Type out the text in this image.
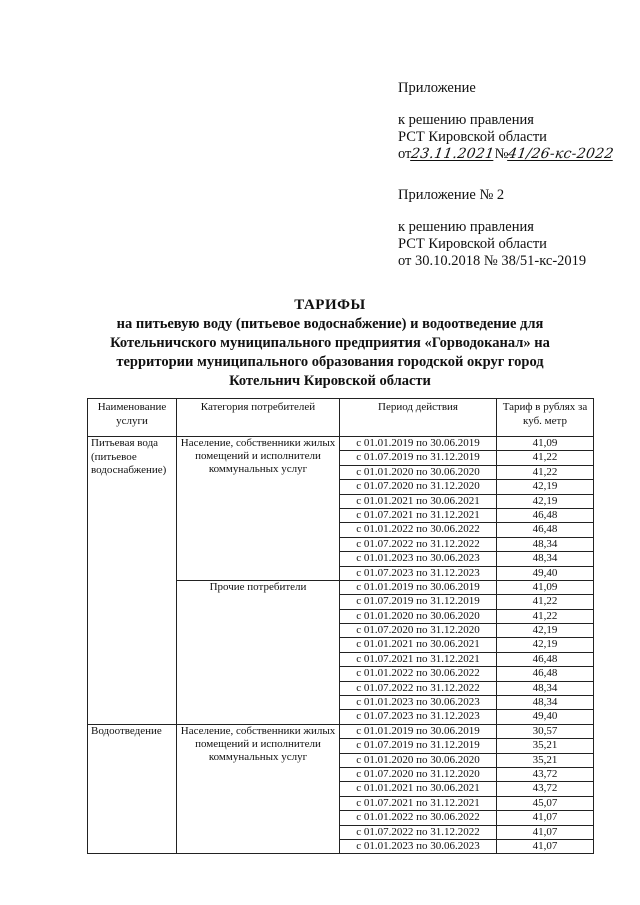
Приложение
к решению правления
РСТ Кировской области
от23.11.2021№41/26-кс-2022
Приложение № 2
к решению правления
РСТ Кировской области
от 30.10.2018 № 38/51-кс-2019
ТАРИФЫ
на питьевую воду (питьевое водоснабжение) и водоотведение для
Котельничского муниципального предприятия «Горводоканал» на
территории муниципального образования городской округ город
Котельнич Кировской области
Наименование услуги	Категория потребителей	Период действия	Тариф в рублях за куб. метр
Питьевая вода (питьевое водоснабжение)	Население, собственники жилых помещений и исполнители коммунальных услуг	с 01.01.2019 по 30.06.2019	41,09
		с 01.07.2019 по 31.12.2019	41,22
		с 01.01.2020 по 30.06.2020	41,22
		с 01.07.2020 по 31.12.2020	42,19
		с 01.01.2021 по 30.06.2021	42,19
		с 01.07.2021 по 31.12.2021	46,48
		с 01.01.2022 по 30.06.2022	46,48
		с 01.07.2022 по 31.12.2022	48,34
		с 01.01.2023 по 30.06.2023	48,34
		с 01.07.2023 по 31.12.2023	49,40
	Прочие потребители	с 01.01.2019 по 30.06.2019	41,09
		с 01.07.2019 по 31.12.2019	41,22
		с 01.01.2020 по 30.06.2020	41,22
		с 01.07.2020 по 31.12.2020	42,19
		с 01.01.2021 по 30.06.2021	42,19
		с 01.07.2021 по 31.12.2021	46,48
		с 01.01.2022 по 30.06.2022	46,48
		с 01.07.2022 по 31.12.2022	48,34
		с 01.01.2023 по 30.06.2023	48,34
		с 01.07.2023 по 31.12.2023	49,40
Водоотведение	Население, собственники жилых помещений и исполнители коммунальных услуг	с 01.01.2019 по 30.06.2019	30,57
		с 01.07.2019 по 31.12.2019	35,21
		с 01.01.2020 по 30.06.2020	35,21
		с 01.07.2020 по 31.12.2020	43,72
		с 01.01.2021 по 30.06.2021	43,72
		с 01.07.2021 по 31.12.2021	45,07
		с 01.01.2022 по 30.06.2022	41,07
		с 01.07.2022 по 31.12.2022	41,07
		с 01.01.2023 по 30.06.2023	41,07
